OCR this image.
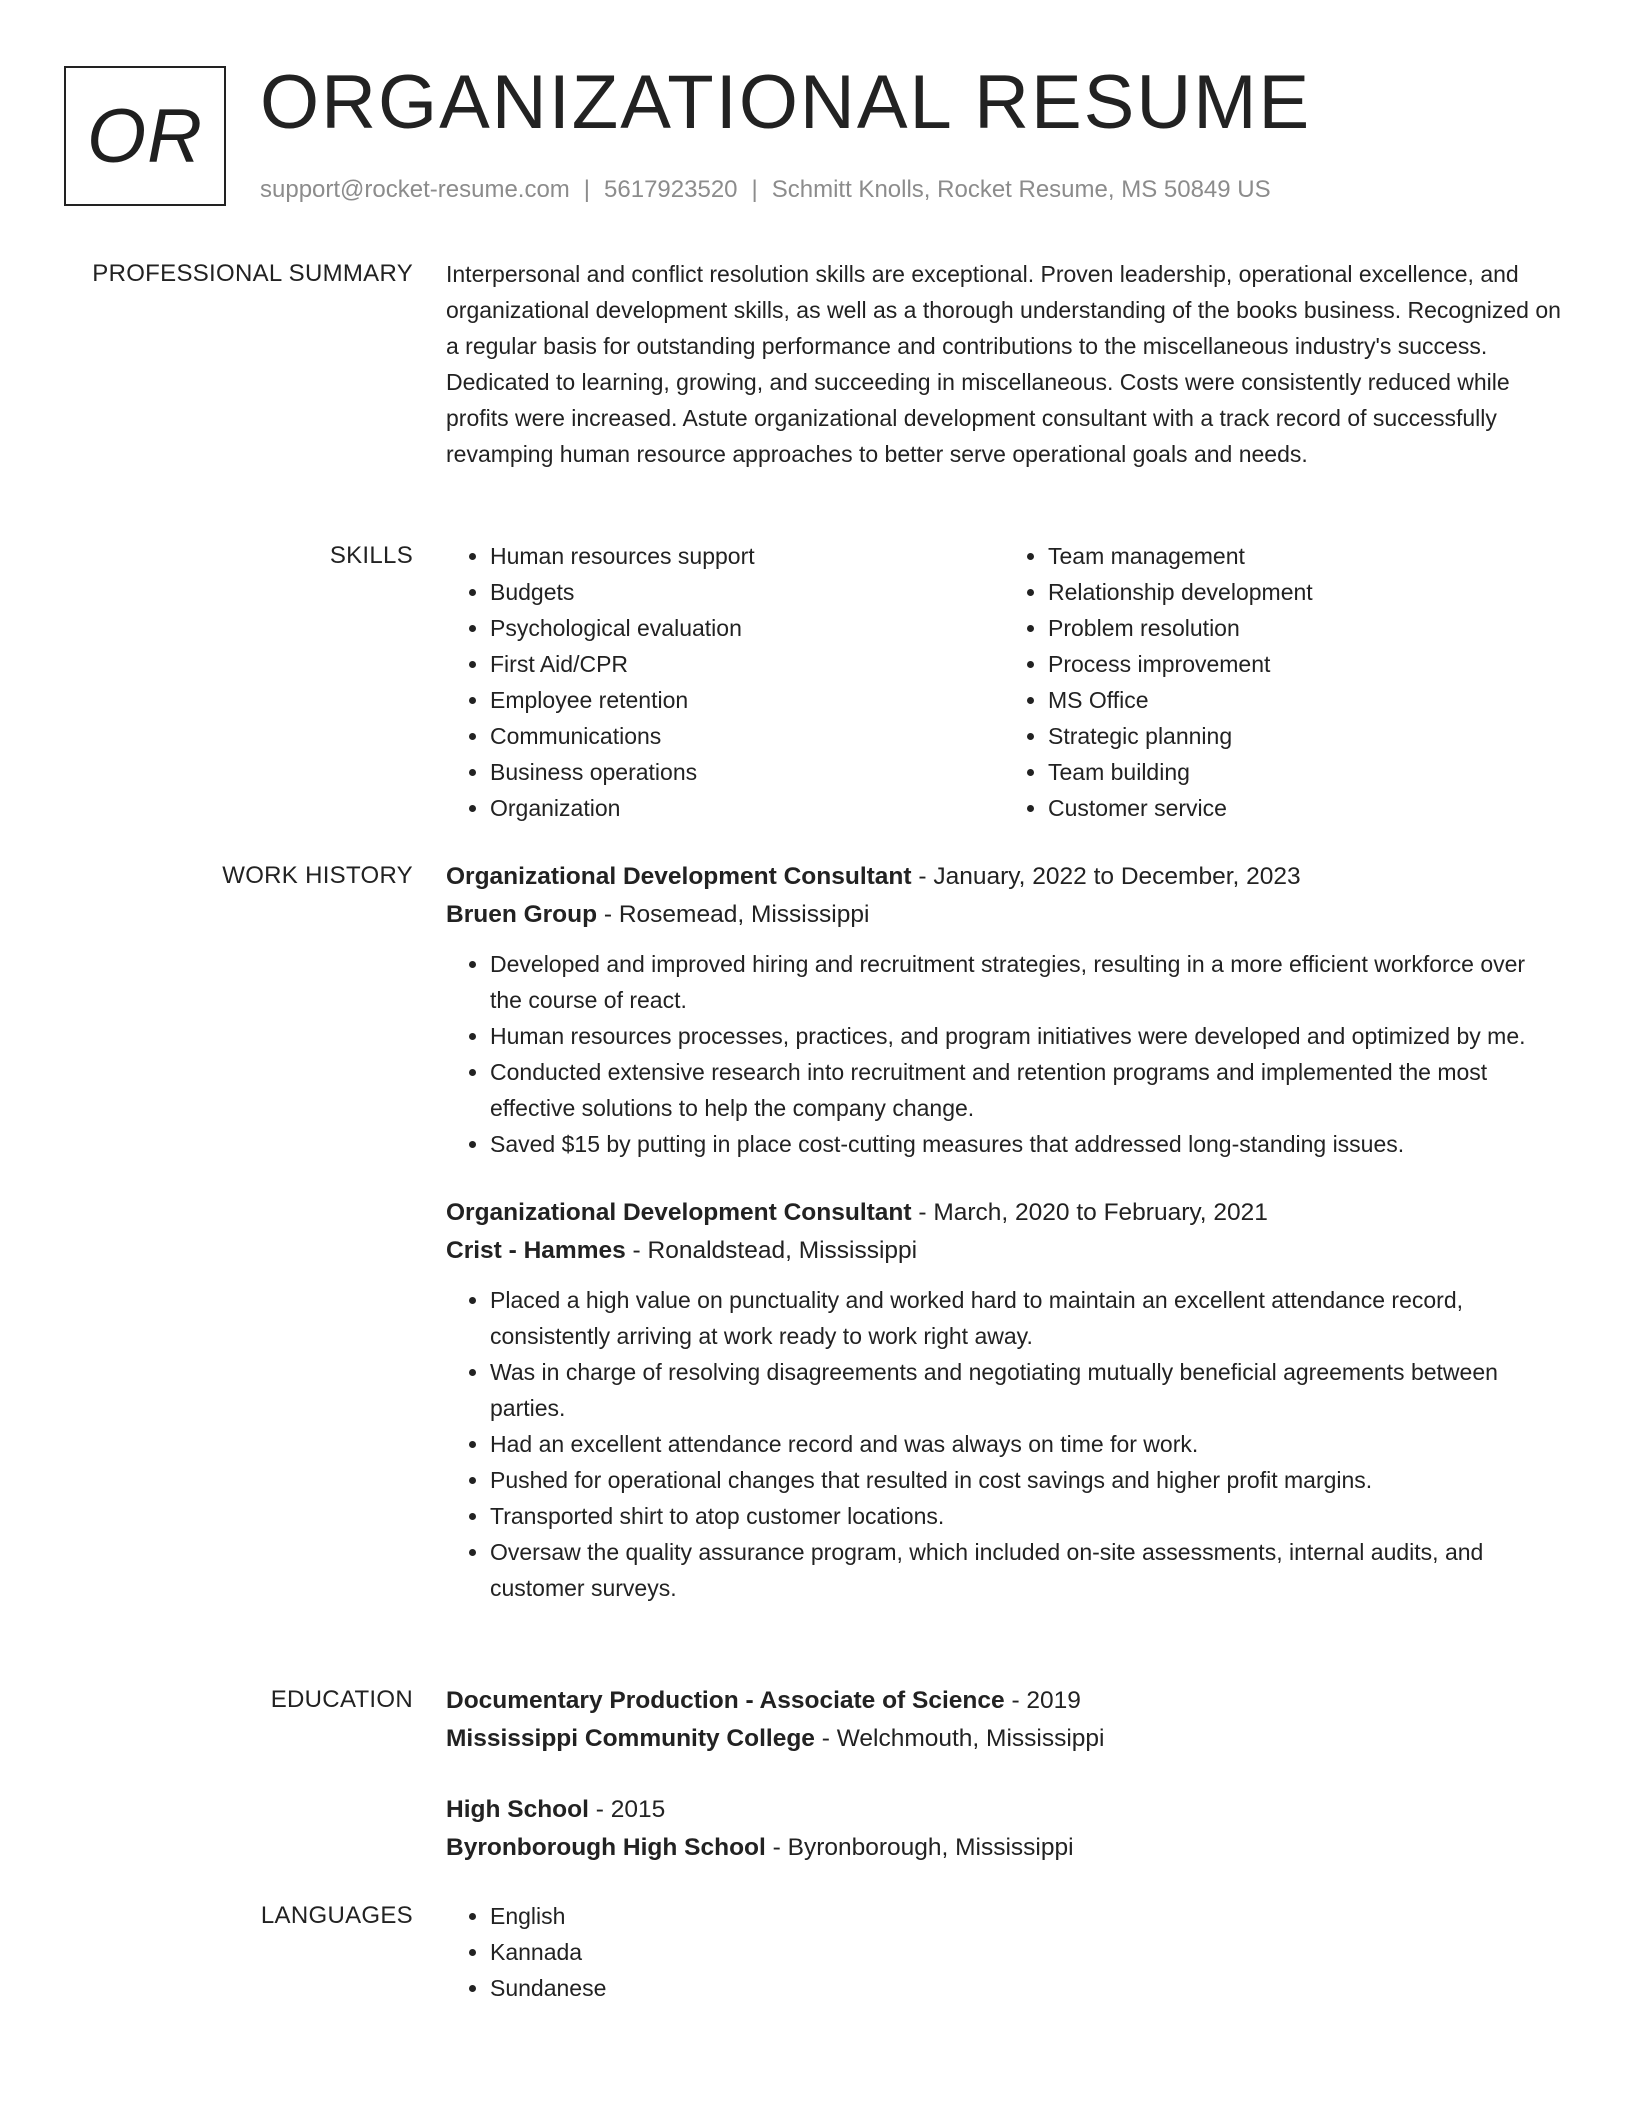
OR ORGANIZATIONAL RESUME
support@rocket-resume.com | 5617923520 | Schmitt Knolls, Rocket Resume, MS 50849 US
PROFESSIONAL SUMMARY Interpersonal and conflict resolution skills are exceptional. Proven leadership, operational excellence, and organizational development skills, as well as a thorough understanding of the books business. Recognized on a regular basis for outstanding performance and contributions to the miscellaneous industry's success. Dedicated to learning, growing, and succeeding in miscellaneous. Costs were consistently reduced while profits were increased. Astute organizational development consultant with a track record of successfully revamping human resource approaches to better serve operational goals and needs.

SKILLS	• Human resources support
• Budgets
• Psychological evaluation
• First Aid/CPR
• Employee retention
• Communications
• Business operations
• Organization
• Team management
• Relationship development
• Problem resolution
• Process improvement
• MS Office
• Strategic planning
• Team building
• Customer service
WORK HISTORY Organizational Development Consultant - January, 2022 to December, 2023
Bruen Group - Rosemead, Mississippi
• Developed and improved hiring and recruitment strategies, resulting in a more efficient workforce over the course of react.
• Human resources processes, practices, and program initiatives were developed and optimized by me.
• Conducted extensive research into recruitment and retention programs and implemented the most effective solutions to help the company change.
• Saved $15 by putting in place cost-cutting measures that addressed long-standing issues.
Organizational Development Consultant - March, 2020 to February, 2021
Crist - Hammes - Ronaldstead, Mississippi
• Placed a high value on punctuality and worked hard to maintain an excellent attendance record, consistently arriving at work ready to work right away.
• Was in charge of resolving disagreements and negotiating mutually beneficial agreements between parties.
• Had an excellent attendance record and was always on time for work.
• Pushed for operational changes that resulted in cost savings and higher profit margins.
• Transported shirt to atop customer locations.
• Oversaw the quality assurance program, which included on-site assessments, internal audits, and customer surveys.
EDUCATION Documentary Production - Associate of Science - 2019
Mississippi Community College - Welchmouth, Mississippi
High School - 2015
Byronborough High School - Byronborough, Mississippi
LANGUAGES	• English
• Kannada
• Sundanese
